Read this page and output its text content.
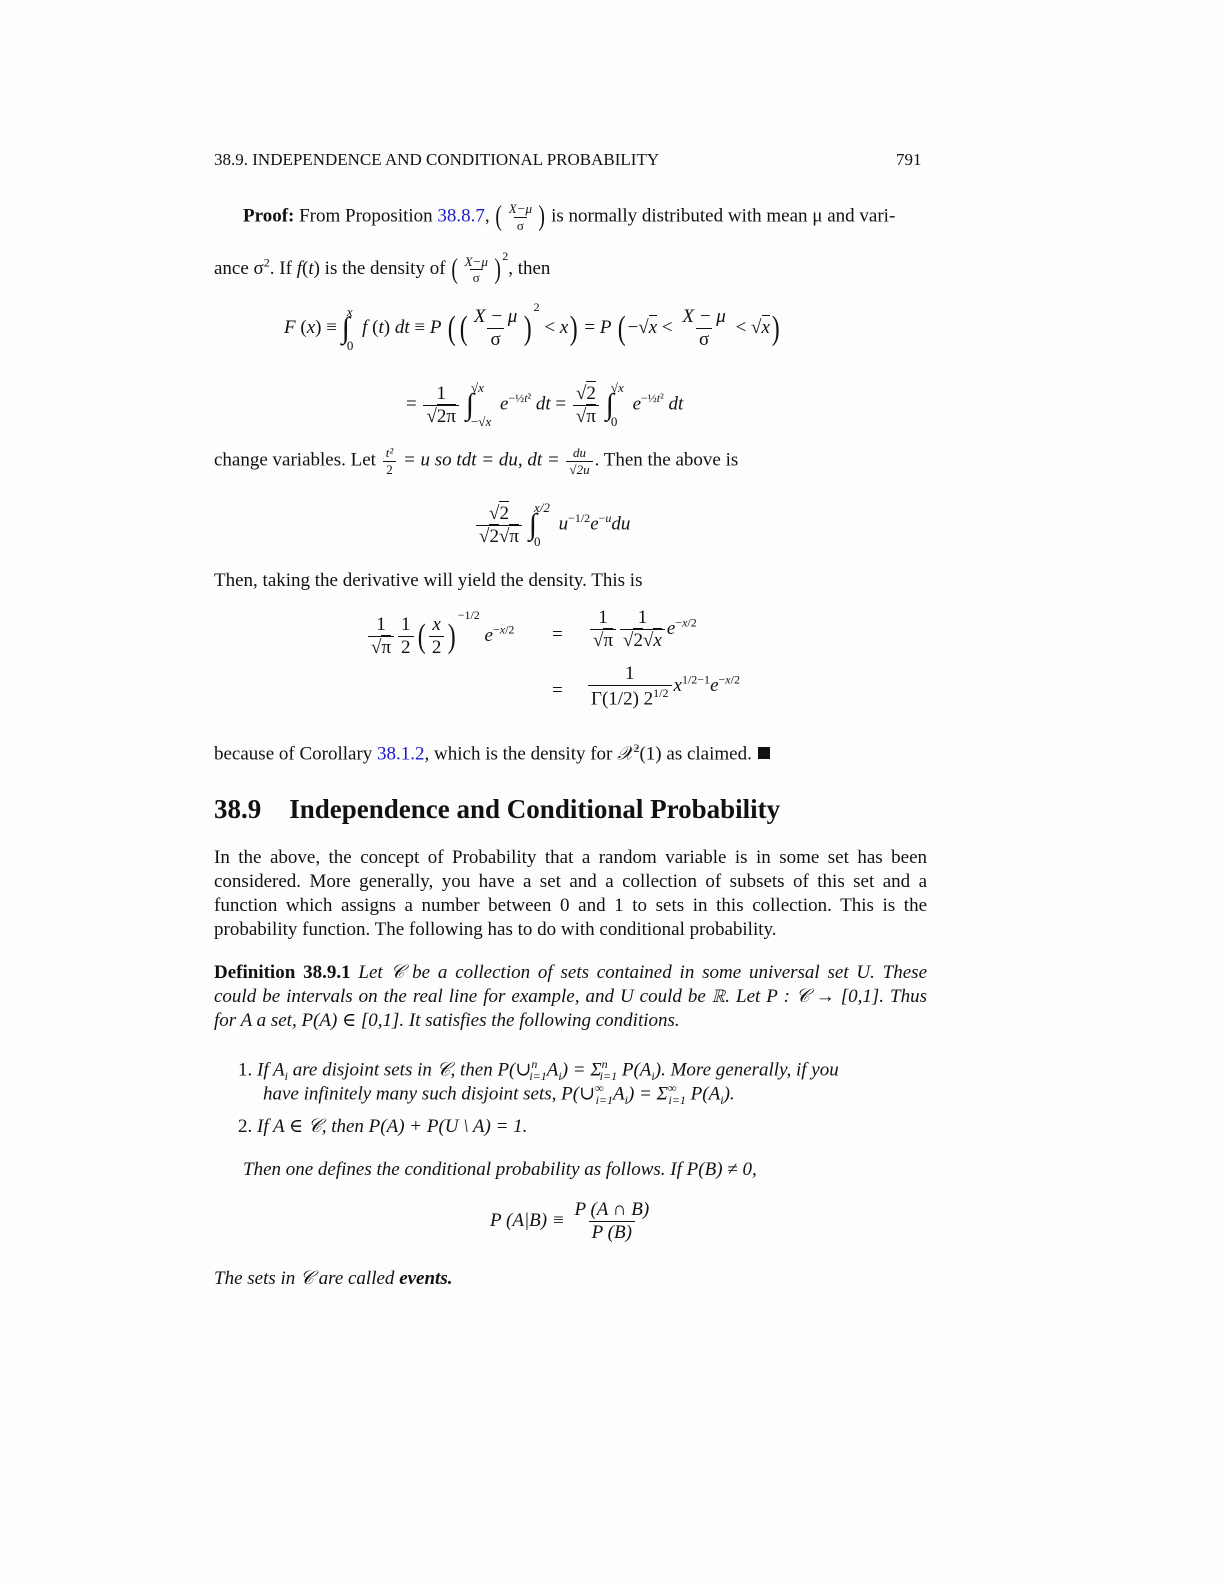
38.9. INDEPENDENCE AND CONDITIONAL PROBABILITY	791
Proof: From Proposition 38.8.7, ( $\frac{X-\mu}{\sigma}$ ) is normally distributed with mean μ and vari-
ance $\sigma^2$. If f(t) is the density of ( $\frac{X-\mu}{\sigma} )^2$, then
F (x) ≡ ∫
x
0
f (t) dt ≡ P (( $\frac{X - \mu}{\sigma} )^2 < x) = P$ $(-√x < \frac{X - \mu}{\sigma} < √x)$
= $\frac{1}{√2\pi}$ ∫
√x
−√x
$e^{-\frac{1}{2}t^2}$ dt = $\frac{√2}{√\pi}$ ∫
√x
0
$e^{-\frac{1}{2}t^2}$ dt
change variables. Let $\frac{\text{t²}}{2} = u$ so tdt = du, dt = $\frac{du}{√2u}$ . Then the above is
$\frac{√2}{√2√\pi}$ ∫
x/2
0
$u^{-1/2}e^{-u}du$
Then, taking the derivative will yield the density. This is
$\frac{1}{√\pi} \frac{1}{2}$ ( $\frac{x}{2} )^{-1/2}$ $e^{-x/2} = \frac{1}{√\pi} \frac{1}{√2√x} e^{-x/2}$
= $\frac{1}{\Gamma(1/2) 2^{1/2}} x^{1/2-1}e^{-x/2}$
because of Corollary 38.1.2, which is the density for 𝒳$^2$(1) as claimed.
38.9 Independence and Conditional Probability
In the above, the concept of Probability that a random variable is in some set has been considered. More generally, you have a set and a collection of subsets of this set and a function which assigns a number between 0 and 1 to sets in this collection. This is the probability function. The following has to do with conditional probability.
Definition 38.9.1 Let 𝒞 be a collection of sets contained in some universal set U. These could be intervals on the real line for example, and U could be ℝ. Let P : 𝒞 → [0,1]. Thus for A a set, P(A) ∈ [0,1]. It satisfies the following conditions.
1. If $A_i$ are disjoint sets in 𝒞, then $P(\cup^n_{i=1}A_i) = \Sigma^n_{i=1}$ $P(A_i)$. More generally, if you
have infinitely many such disjoint sets, $P(\cup^\infty_{i=1}A_i) = \Sigma^\infty_{i=1}$ $P(A_i)$.
2. If A ∈ 𝒞, then P(A) + P(U \ A) = 1.
Then one defines the conditional probability as follows. If P(B) ≠ 0,
P $(A|B) \equiv \frac{P (A \cap B)}{P (B)}$
The sets in 𝒞 are called events.
